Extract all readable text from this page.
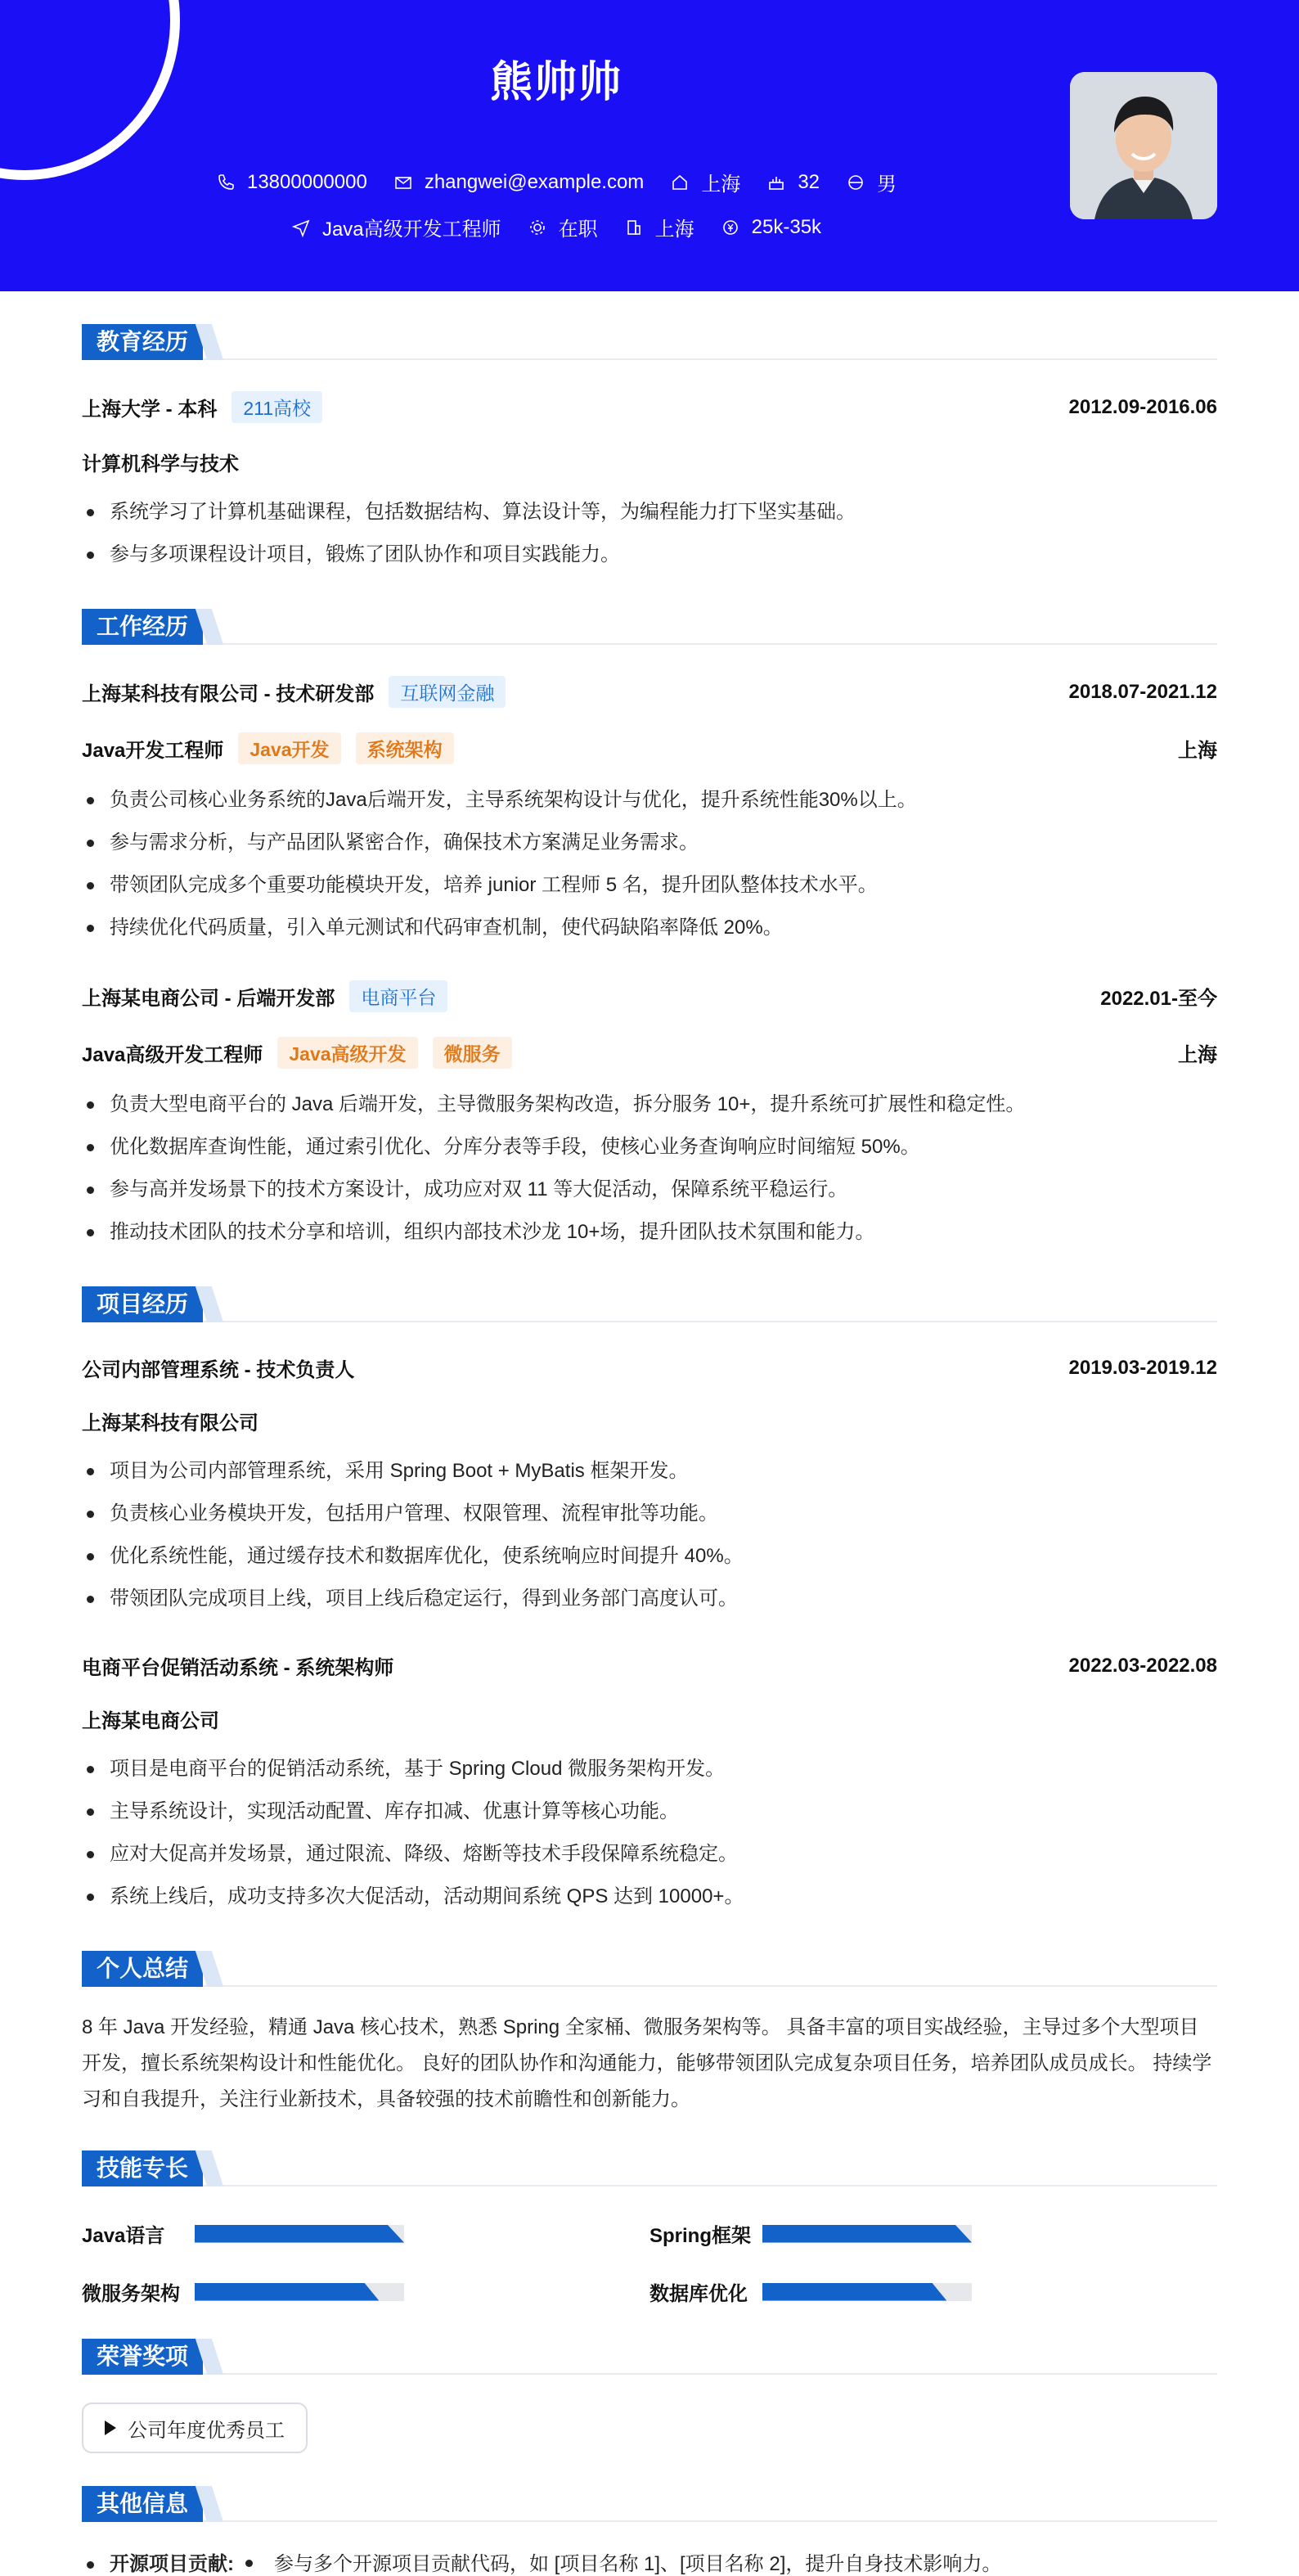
熊帅帅
13800000000	zhangwei@example.com	上海	32	男
Java高级开发工程师	在职	上海	25k-35k
教育经历
上海大学 - 本科	211高校	2012.09-2016.06
计算机科学与技术
系统学习了计算机基础课程，包括数据结构、算法设计等，为编程能力打下坚实基础。
参与多项课程设计项目，锻炼了团队协作和项目实践能力。
工作经历
上海某科技有限公司 - 技术研发部	互联网金融	2018.07-2021.12
Java开发工程师	Java开发	系统架构	上海
负责公司核心业务系统的Java后端开发，主导系统架构设计与优化，提升系统性能30%以上。
参与需求分析，与产品团队紧密合作，确保技术方案满足业务需求。
带领团队完成多个重要功能模块开发，培养 junior 工程师 5 名，提升团队整体技术水平。
持续优化代码质量，引入单元测试和代码审查机制，使代码缺陷率降低 20%。
上海某电商公司 - 后端开发部	电商平台	2022.01-至今
Java高级开发工程师	Java高级开发	微服务	上海
负责大型电商平台的 Java 后端开发，主导微服务架构改造，拆分服务 10+，提升系统可扩展性和稳定性。
优化数据库查询性能，通过索引优化、分库分表等手段，使核心业务查询响应时间缩短 50%。
参与高并发场景下的技术方案设计，成功应对双 11 等大促活动，保障系统平稳运行。
推动技术团队的技术分享和培训，组织内部技术沙龙 10+场，提升团队技术氛围和能力。
项目经历
公司内部管理系统 - 技术负责人	2019.03-2019.12
上海某科技有限公司
项目为公司内部管理系统，采用 Spring Boot + MyBatis 框架开发。
负责核心业务模块开发，包括用户管理、权限管理、流程审批等功能。
优化系统性能，通过缓存技术和数据库优化，使系统响应时间提升 40%。
带领团队完成项目上线，项目上线后稳定运行，得到业务部门高度认可。
电商平台促销活动系统 - 系统架构师	2022.03-2022.08
上海某电商公司
项目是电商平台的促销活动系统，基于 Spring Cloud 微服务架构开发。
主导系统设计，实现活动配置、库存扣减、优惠计算等核心功能。
应对大促高并发场景，通过限流、降级、熔断等技术手段保障系统稳定。
系统上线后，成功支持多次大促活动，活动期间系统 QPS 达到 10000+。
个人总结

8 年 Java 开发经验，精通 Java 核心技术，熟悉 Spring 全家桶、微服务架构等。 具备丰富的项目实战经验，主导过多个大型项目开发，擅长系统架构设计和性能优化。 良好的团队协作和沟通能力，能够带领团队完成复杂项目任务，培养团队成员成长。 持续学习和自我提升，关注行业新技术，具备较强的技术前瞻性和创新能力。

技能专长
Java语言	Spring框架
微服务架构	数据库优化
荣誉奖项
公司年度优秀员工
其他信息
开源项目贡献: 参与多个开源项目贡献代码，如 [项目名称 1]、[项目名称 2]，提升自身技术影响力。
